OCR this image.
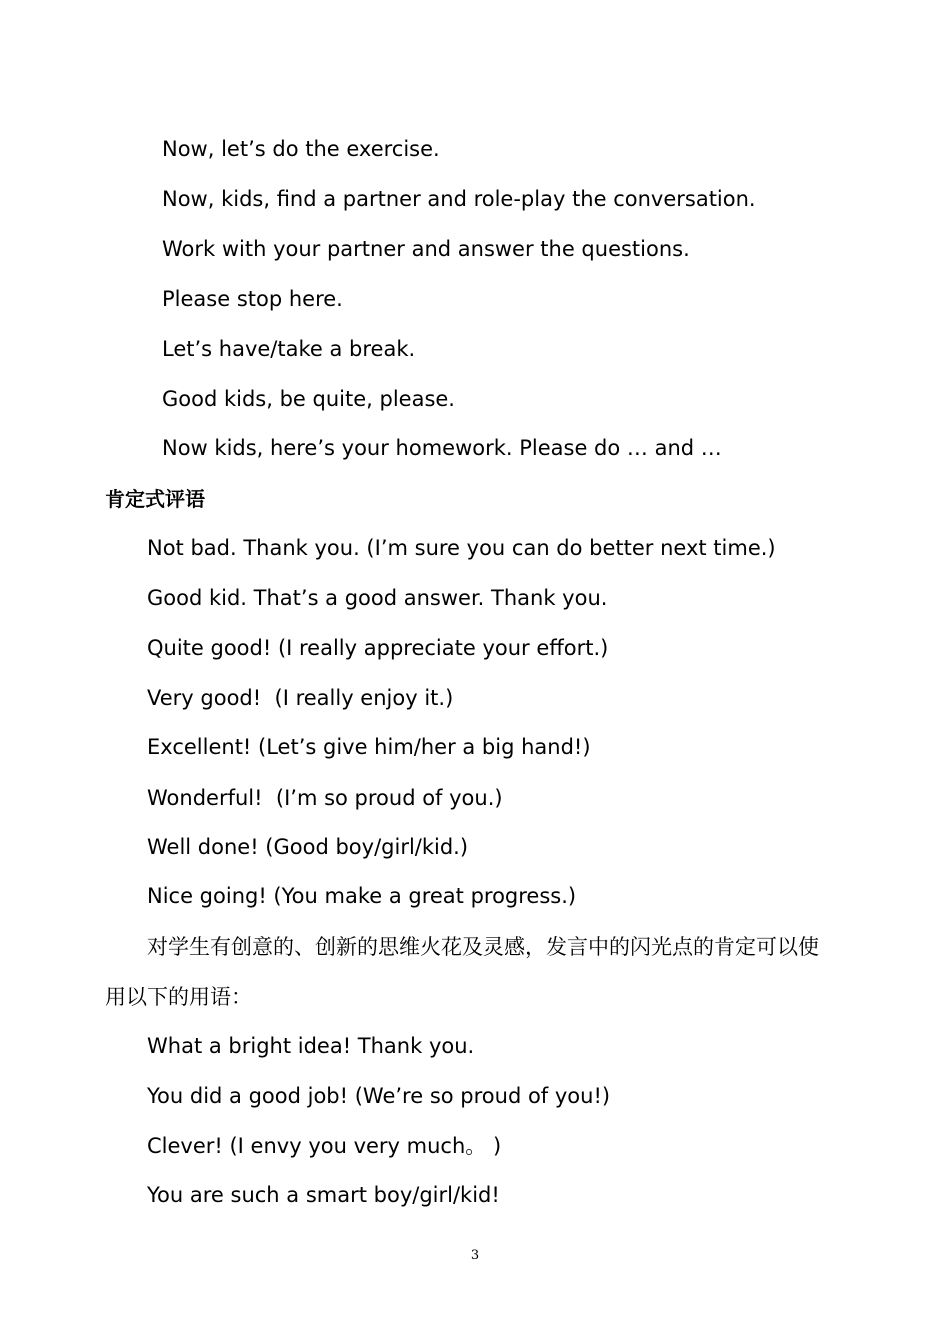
Now, let’s do the exercise.

Now, kids, find a partner and role-play the conversation.

Work with your partner and answer the questions.

Please stop here.

Let’s have/take a break.

Good kids, be quite, please.

Now kids, here’s your homework. Please do … and …

肯定式评语

Not bad. Thank you. (I’m sure you can do better next time.)

Good kid. That’s a good answer. Thank you.

Quite good! (I really appreciate your effort.)

Very good!  (I really enjoy it.)

Excellent! (Let’s give him/her a big hand!)

Wonderful!  (I’m so proud of you.)

Well done! (Good boy/girl/kid.)

Nice going! (You make a great progress.)

对学生有创意的、创新的思维火花及灵感，发言中的闪光点的肯定可以使

用以下的用语：

What a bright idea! Thank you.

You did a good job! (We’re so proud of you!)

Clever! (I envy you very much。 )

You are such a smart boy/girl/kid!

3
